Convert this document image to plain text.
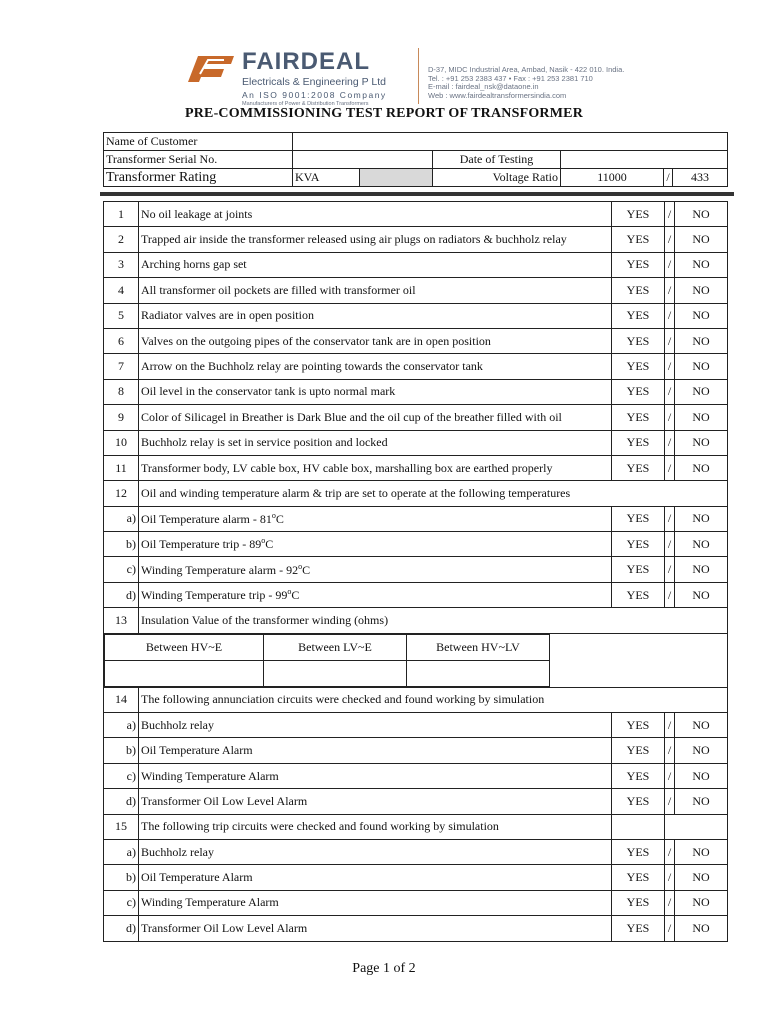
FAIRDEAL
Electricals & Engineering P Ltd
An ISO 9001:2008 Company
Manufacturers of Power & Distribution Transformers
D-37, MIDC Industrial Area, Ambad, Nasik - 422 010. India.
Tel. : +91 253 2383 437 • Fax : +91 253 2381 710
E-mail : fairdeal_nsk@dataone.in
Web : www.fairdealtransformersindia.com
PRE-COMMISSIONING TEST REPORT OF TRANSFORMER
Name of Customer						
Transformer Serial No.			Date of Testing			
Transformer Rating	KVA		Voltage Ratio	11000	/	433
1	No oil leakage at joints	YES	/	NO
2	Trapped air inside the transformer released using air plugs on radiators & buchholz relay	YES	/	NO
3	Arching horns gap set	YES	/	NO
4	All transformer oil pockets are filled with transformer oil	YES	/	NO
5	Radiator valves are in open position	YES	/	NO
6	Valves on the outgoing pipes of the conservator tank are in open position	YES	/	NO
7	Arrow on the Buchholz relay are pointing towards the conservator tank	YES	/	NO
8	Oil level in the conservator tank is upto normal mark	YES	/	NO
9	Color of Silicagel in Breather is Dark Blue and the oil cup of the breather filled with oil	YES	/	NO
10	Buchholz relay is set in service position and locked	YES	/	NO
11	Transformer body, LV cable box, HV cable box, marshalling box are earthed properly	YES	/	NO
12	Oil and winding temperature alarm & trip are set to operate at the following temperatures
a)	Oil Temperature alarm - 81$^o$C	YES	/	NO
b)	Oil Temperature trip - 89$^o$C	YES	/	NO
c)	Winding Temperature alarm - 92$^o$C	YES	/	NO
d)	Winding Temperature trip - 99$^o$C	YES	/	NO
13	Insulation Value of the transformer winding (ohms)

Between HV~E	Between LV~E	Between HV~LV	

14	The following annunciation circuits were checked and found working by simulation
a)	Buchholz relay	YES	/	NO
b)	Oil Temperature Alarm	YES	/	NO
c)	Winding Temperature Alarm	YES	/	NO
d)	Transformer Oil Low Level Alarm	YES	/	NO
15	The following trip circuits were checked and found working by simulation		
a)	Buchholz relay	YES	/	NO
b)	Oil Temperature Alarm	YES	/	NO
c)	Winding Temperature Alarm	YES	/	NO
d)	Transformer Oil Low Level Alarm	YES	/	NO
Page 1 of 2
